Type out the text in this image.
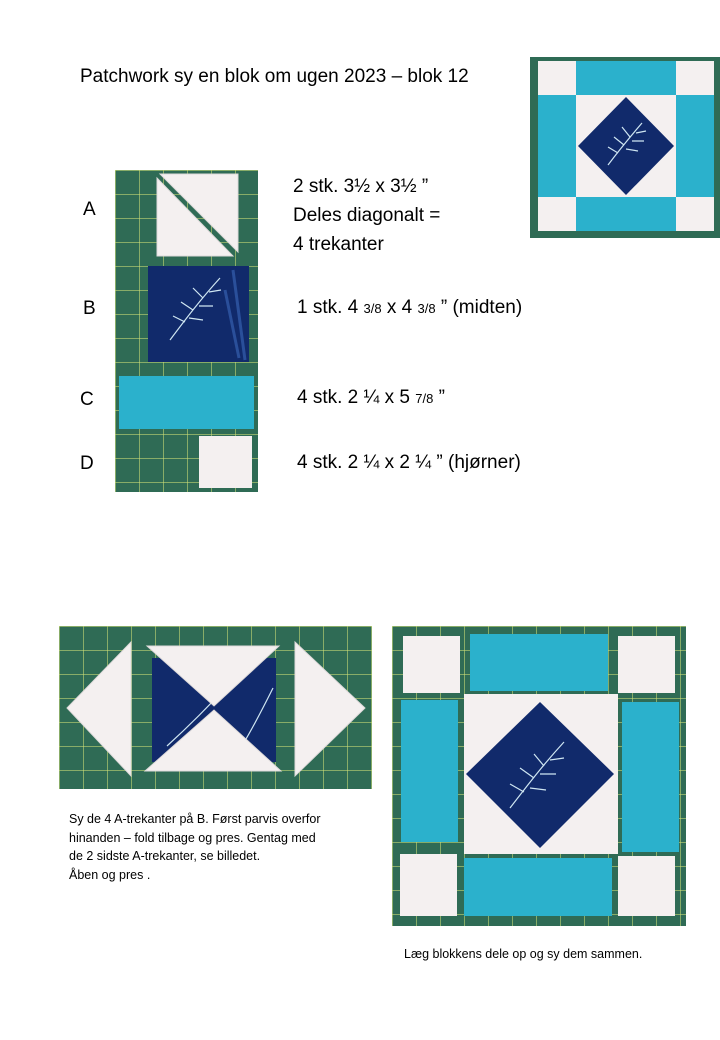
Patchwork sy en blok om ugen 2023 – blok 12
A
B
C
D
2 stk. 3½ x 3½ ”
Deles diagonalt =
4 trekanter
1 stk. 4 3/8 x 4 3/8 ” (midten)
4 stk. 2 ¼ x 5 7/8 ”
4 stk. 2 ¼ x 2 ¼ ” (hjørner)
Sy de 4 A-trekanter på B. Først parvis overfor
hinanden – fold tilbage og pres. Gentag med
de 2 sidste A-trekanter, se billedet.
Åben og pres .
Læg blokkens dele op og sy dem sammen.
